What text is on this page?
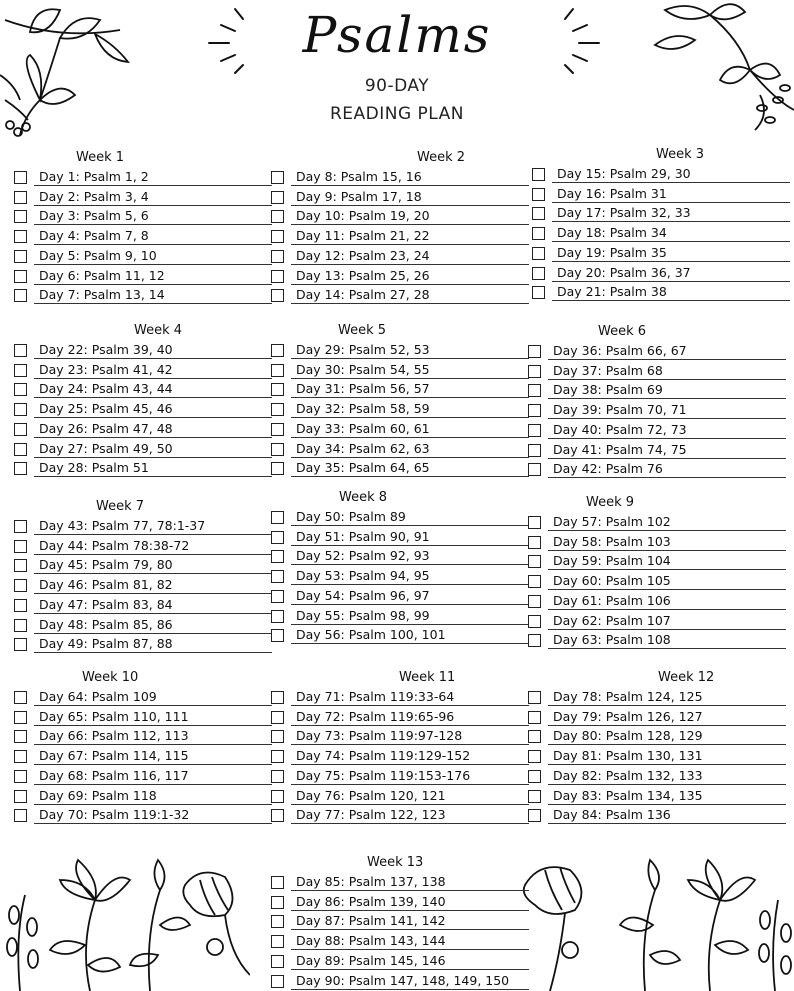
Psalms
90-DAY
READING PLAN
Week 1
Day 1: Psalm 1, 2
Day 2: Psalm 3, 4
Day 3: Psalm 5, 6
Day 4: Psalm 7, 8
Day 5: Psalm 9, 10
Day 6: Psalm 11, 12
Day 7: Psalm 13, 14
Week 2
Day 8: Psalm 15, 16
Day 9: Psalm 17, 18
Day 10: Psalm 19, 20
Day 11: Psalm 21, 22
Day 12: Psalm 23, 24
Day 13: Psalm 25, 26
Day 14: Psalm 27, 28
Week 3
Day 15: Psalm 29, 30
Day 16: Psalm 31
Day 17: Psalm 32, 33
Day 18: Psalm 34
Day 19: Psalm 35
Day 20: Psalm 36, 37
Day 21: Psalm 38
Week 4
Day 22: Psalm 39, 40
Day 23: Psalm 41, 42
Day 24: Psalm 43, 44
Day 25: Psalm 45, 46
Day 26: Psalm 47, 48
Day 27: Psalm 49, 50
Day 28: Psalm 51
Week 5
Day 29: Psalm 52, 53
Day 30: Psalm 54, 55
Day 31: Psalm 56, 57
Day 32: Psalm 58, 59
Day 33: Psalm 60, 61
Day 34: Psalm 62, 63
Day 35: Psalm 64, 65
Week 6
Day 36: Psalm 66, 67
Day 37: Psalm 68
Day 38: Psalm 69
Day 39: Psalm 70, 71
Day 40: Psalm 72, 73
Day 41: Psalm 74, 75
Day 42: Psalm 76
Week 7
Day 43: Psalm 77, 78:1-37
Day 44: Psalm 78:38-72
Day 45: Psalm 79, 80
Day 46: Psalm 81, 82
Day 47: Psalm 83, 84
Day 48: Psalm 85, 86
Day 49: Psalm 87, 88
Week 8
Day 50: Psalm 89
Day 51: Psalm 90, 91
Day 52: Psalm 92, 93
Day 53: Psalm 94, 95
Day 54: Psalm 96, 97
Day 55: Psalm 98, 99
Day 56: Psalm 100, 101
Week 9
Day 57: Psalm 102
Day 58: Psalm 103
Day 59: Psalm 104
Day 60: Psalm 105
Day 61: Psalm 106
Day 62: Psalm 107
Day 63: Psalm 108
Week 10
Day 64: Psalm 109
Day 65: Psalm 110, 111
Day 66: Psalm 112, 113
Day 67: Psalm 114, 115
Day 68: Psalm 116, 117
Day 69: Psalm 118
Day 70: Psalm 119:1-32
Week 11
Day 71: Psalm 119:33-64
Day 72: Psalm 119:65-96
Day 73: Psalm 119:97-128
Day 74: Psalm 119:129-152
Day 75: Psalm 119:153-176
Day 76: Psalm 120, 121
Day 77: Psalm 122, 123
Week 12
Day 78: Psalm 124, 125
Day 79: Psalm 126, 127
Day 80: Psalm 128, 129
Day 81: Psalm 130, 131
Day 82: Psalm 132, 133
Day 83: Psalm 134, 135
Day 84: Psalm 136
Week 13
Day 85: Psalm 137, 138
Day 86: Psalm 139, 140
Day 87: Psalm 141, 142
Day 88: Psalm 143, 144
Day 89: Psalm 145, 146
Day 90: Psalm 147, 148, 149, 150
